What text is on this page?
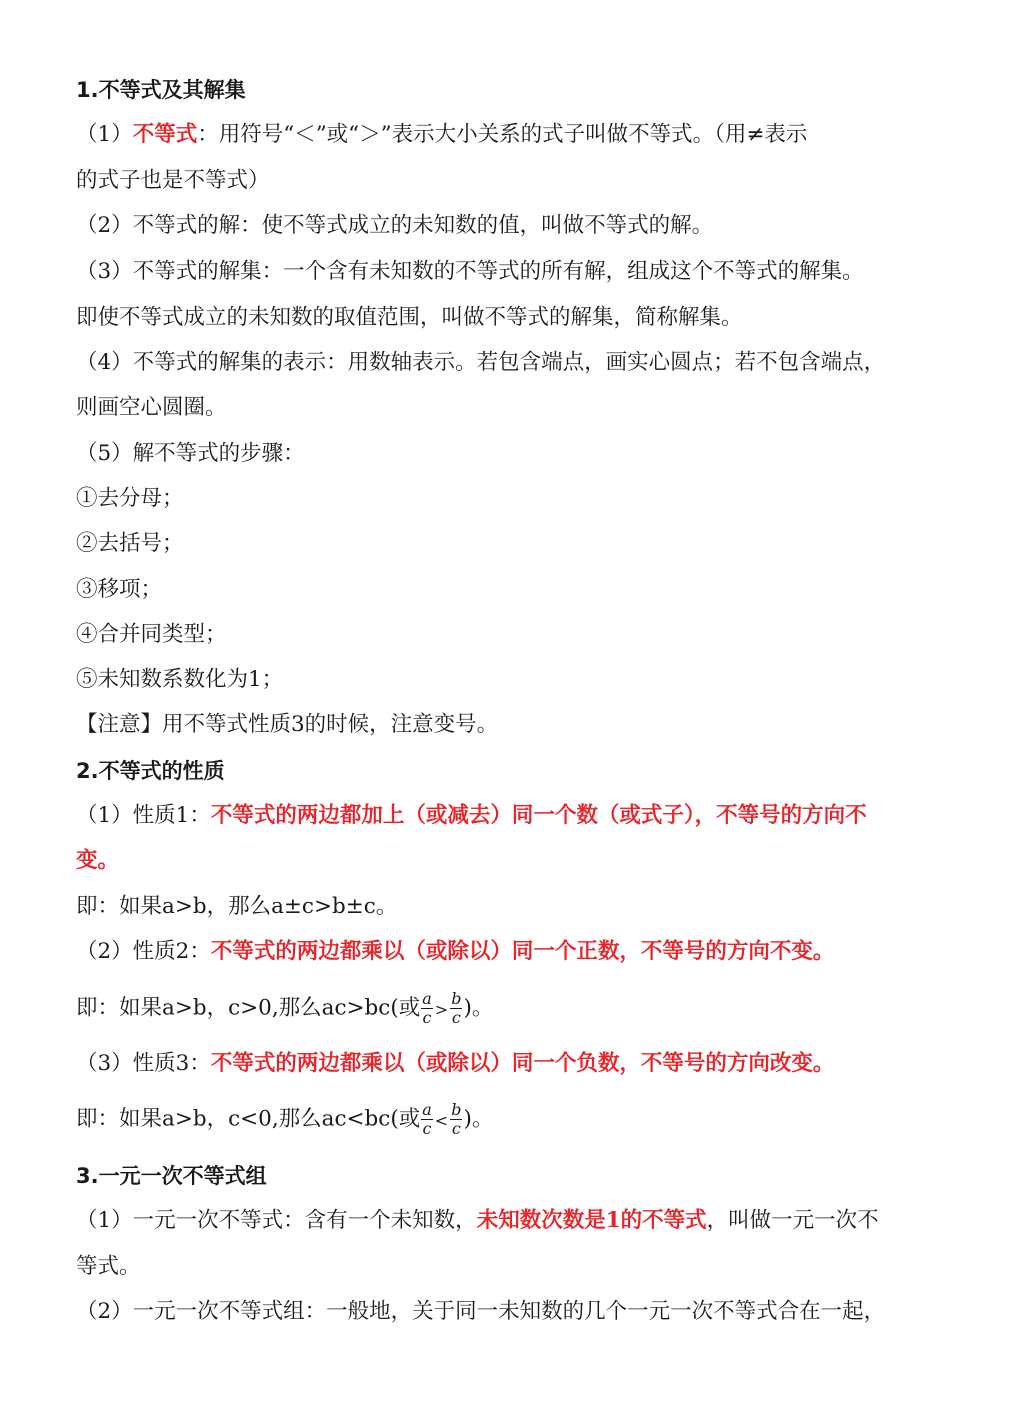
1.不等式及其解集
（1）不等式：用符号“＜”或“＞”表示大小关系的式子叫做不等式。（用≠表示
的式子也是不等式）
（2）不等式的解：使不等式成立的未知数的值，叫做不等式的解。
（3）不等式的解集：一个含有未知数的不等式的所有解，组成这个不等式的解集。
即使不等式成立的未知数的取值范围，叫做不等式的解集，简称解集。
（4）不等式的解集的表示：用数轴表示。若包含端点，画实心圆点；若不包含端点，
则画空心圆圈。
（5）解不等式的步骤：
①去分母；
②去括号；
③移项；
④合并同类型；
⑤未知数系数化为1；
【注意】用不等式性质3的时候，注意变号。
2.不等式的性质
（1）性质1：不等式的两边都加上（或减去）同一个数（或式子），不等号的方向不
变。
即：如果a>b，那么a±c>b±c。
（2）性质2：不等式的两边都乘以（或除以）同一个正数，不等号的方向不变。
即：如果a>b，c>0,那么ac>bc(或 $\frac{a}{c} > \frac{b}{c}$ )。
（3）性质3：不等式的两边都乘以（或除以）同一个负数，不等号的方向改变。
即：如果a>b，c<0,那么ac<bc(或 $\frac{a}{c} < \frac{b}{c}$ )。
3.一元一次不等式组
（1）一元一次不等式：含有一个未知数，未知数次数是1的不等式，叫做一元一次不
等式。
（2）一元一次不等式组：一般地，关于同一未知数的几个一元一次不等式合在一起，
